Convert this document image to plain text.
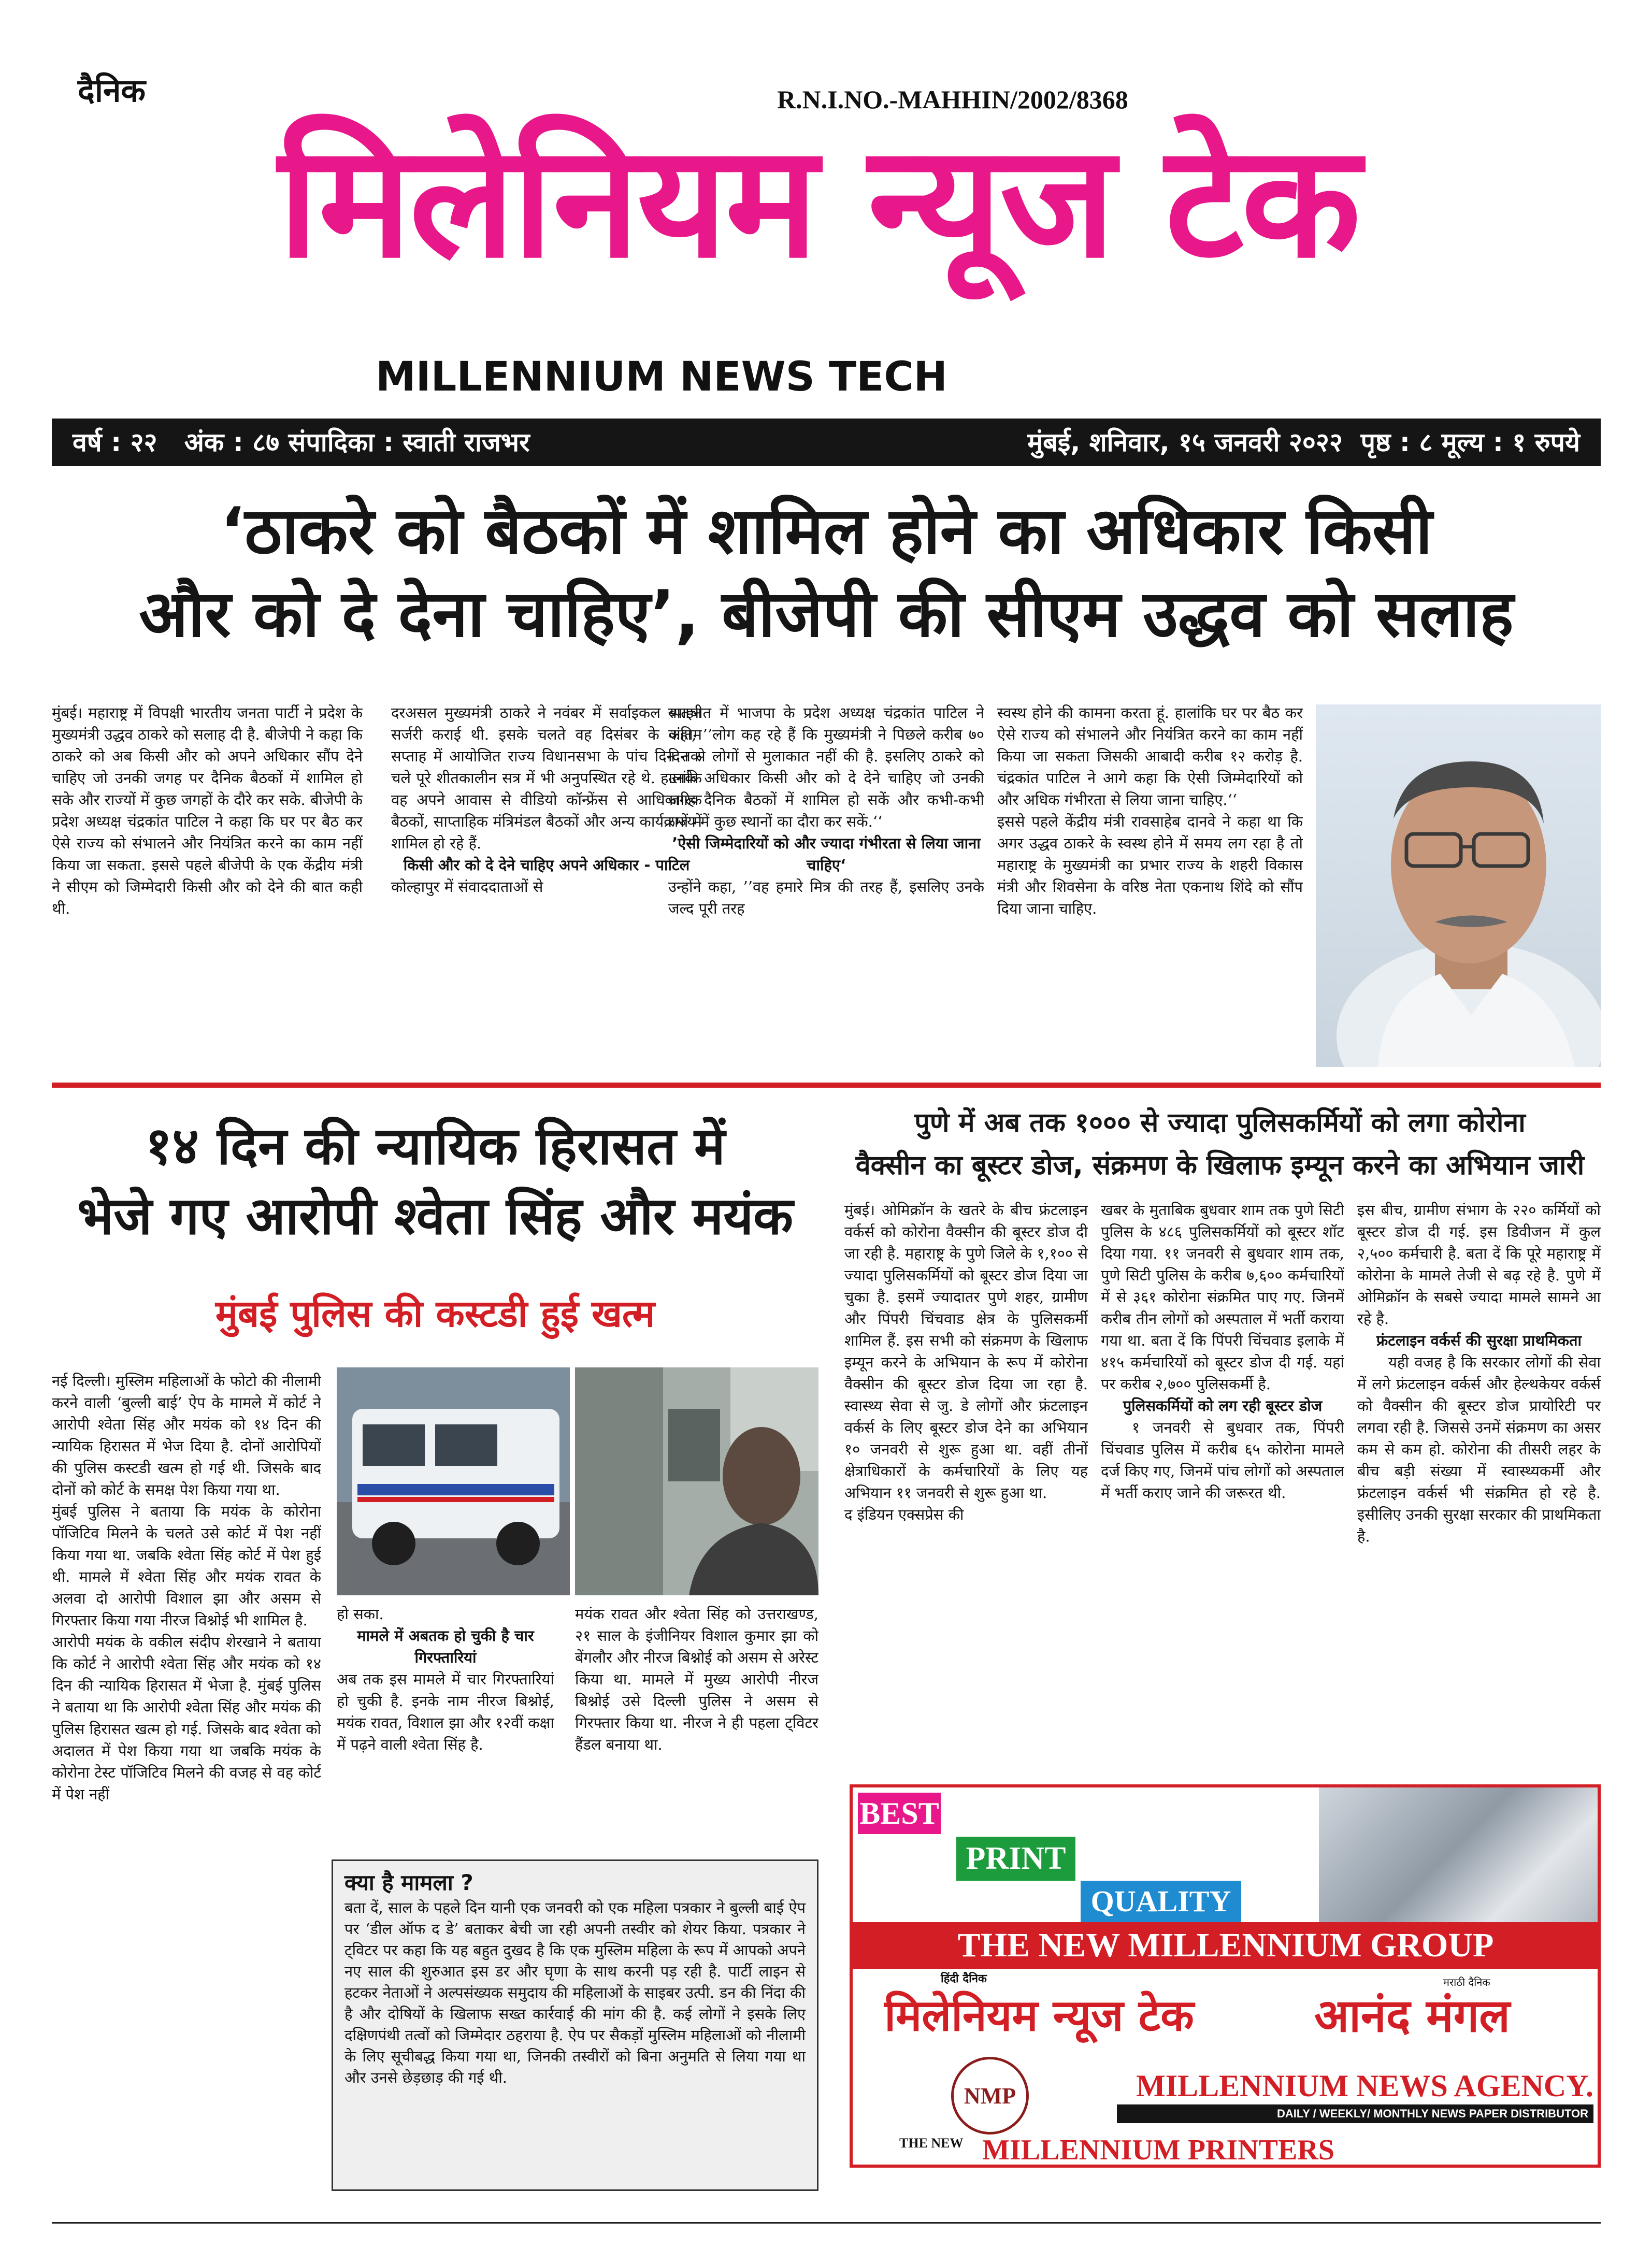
दैनिक	R.N.I.NO.-MAHHIN/2002/8368
मिलेनियम न्यूज टेक
MILLENNIUM NEWS TECH
वर्ष : २२   अंक : ८७ संपादिका : स्वाती राजभर	मुंबई, शनिवार, १५ जनवरी २०२२  पृष्ठ : ८ मूल्य : १ रुपये
‘ठाकरे को बैठकों में शामिल होने का अधिकार किसी
और को दे देना चाहिए’, बीजेपी की सीएम उद्धव को सलाह
मुंबई। महाराष्ट्र में विपक्षी भारतीय जनता पार्टी ने प्रदेश के मुख्यमंत्री उद्धव ठाकरे को सलाह दी है. बीजेपी ने कहा कि ठाकरे को अब किसी और को अपने अधिकार सौंप देने चाहिए जो उनकी जगह पर दैनिक बैठकों में शामिल हो सके और राज्यों में कुछ जगहों के दौरे कर सके. बीजेपी के प्रदेश अध्यक्ष चंद्रकांत पाटिल ने कहा कि घर पर बैठ कर ऐसे राज्य को संभालने और नियंत्रित करने का काम नहीं किया जा सकता. इससे पहले बीजेपी के एक केंद्रीय मंत्री ने सीएम को जिम्मेदारी किसी और को देने की बात कही थी.
दरअसल मुख्यमंत्री ठाकरे ने नवंबर में सर्वाइकल स्पाइन सर्जरी कराई थी. इसके चलते वह दिसंबर के अंतिम सप्ताह में आयोजित राज्य विधानसभा के पांच दिन तक चले पूरे शीतकालीन सत्र में भी अनुपस्थित रहे थे. हालांकि वह अपने आवास से वीडियो कॉन्फ्रेंस से आधिकारिक बैठकों, साप्ताहिक मंत्रिमंडल बैठकों और अन्य कार्यक्रमों में शामिल हो रहे हैं.
किसी और को दे देने चाहिए अपने अधिकार - पाटिल
कोल्हापुर में संवाददाताओं से
बातचीत में भाजपा के प्रदेश अध्यक्ष चंद्रकांत पाटिल ने कहा, ’’लोग कह रहे हैं कि मुख्यमंत्री ने पिछले करीब ७० दिन से लोगों से मुलाकात नहीं की है. इसलिए ठाकरे को उनके अधिकार किसी और को दे देने चाहिए जो उनकी जगह दैनिक बैठकों में शामिल हो सकें और कभी-कभी राज्य में कुछ स्थानों का दौरा कर सकें.‘‘
’ऐसी जिम्मेदारियों को और ज्यादा गंभीरता से लिया जाना चाहिए‘
उन्होंने कहा, ’’वह हमारे मित्र की तरह हैं, इसलिए उनके जल्द पूरी तरह
स्वस्थ होने की कामना करता हूं. हालांकि घर पर बैठ कर ऐसे राज्य को संभालने और नियंत्रित करने का काम नहीं किया जा सकता जिसकी आबादी करीब १२ करोड़ है. चंद्रकांत पाटिल ने आगे कहा कि ऐसी जिम्मेदारियों को और अधिक गंभीरता से लिया जाना चाहिए.‘‘
इससे पहले केंद्रीय मंत्री रावसाहेब दानवे ने कहा था कि अगर उद्धव ठाकरे के स्वस्थ होने में समय लग रहा है तो महाराष्ट्र के मुख्यमंत्री का प्रभार राज्य के शहरी विकास मंत्री और शिवसेना के वरिष्ठ नेता एकनाथ शिंदे को सौंप दिया जाना चाहिए.
१४ दिन की न्यायिक हिरासत में
भेजे गए आरोपी श्वेता सिंह और मयंक
मुंबई पुलिस की कस्टडी हुई खत्म
नई दिल्ली। मुस्लिम महिलाओं के फोटो की नीलामी करने वाली ‘बुल्ली बाई’ ऐप के मामले में कोर्ट ने आरोपी श्वेता सिंह और मयंक को १४ दिन की न्यायिक हिरासत में भेज दिया है. दोनों आरोपियों की पुलिस कस्टडी खत्म हो गई थी. जिसके बाद दोनों को कोर्ट के समक्ष पेश किया गया था.
मुंबई पुलिस ने बताया कि मयंक के कोरोना पॉजिटिव मिलने के चलते उसे कोर्ट में पेश नहीं किया गया था. जबकि श्वेता सिंह कोर्ट में पेश हुई थी. मामले में श्वेता सिंह और मयंक रावत के अलवा दो आरोपी विशाल झा और असम से गिरफ्तार किया गया नीरज विश्नोई भी शामिल है.
आरोपी मयंक के वकील संदीप शेरखाने ने बताया कि कोर्ट ने आरोपी श्वेता सिंह और मयंक को १४ दिन की न्यायिक हिरासत में भेजा है. मुंबई पुलिस ने बताया था कि आरोपी श्वेता सिंह और मयंक की पुलिस हिरासत खत्म हो गई. जिसके बाद श्वेता को अदालत में पेश किया गया था जबकि मयंक के कोरोना टेस्ट पॉजिटिव मिलने की वजह से वह कोर्ट में पेश नहीं
हो सका.
मामले में अबतक हो चुकी है चार गिरफ्तारियां
अब तक इस मामले में चार गिरफ्तारियां हो चुकी है. इनके नाम नीरज बिश्नोई, मयंक रावत, विशाल झा और १२वीं कक्षा में पढ़ने वाली श्वेता सिंह है.
मयंक रावत और श्वेता सिंह को उत्तराखण्ड, २१ साल के इंजीनियर विशाल कुमार झा को बेंगलौर और नीरज बिश्नोई को असम से अरेस्ट किया था. मामले में मुख्य आरोपी नीरज बिश्नोई उसे दिल्ली पुलिस ने असम से गिरफ्तार किया था. नीरज ने ही पहला ट्विटर हैंडल बनाया था.
क्या है मामला ?
बता दें, साल के पहले दिन यानी एक जनवरी को एक महिला पत्रकार ने बुल्ली बाई ऐप पर ‘डील ऑफ द डे’ बताकर बेची जा रही अपनी तस्वीर को शेयर किया. पत्रकार ने ट्विटर पर कहा कि यह बहुत दुखद है कि एक मुस्लिम महिला के रूप में आपको अपने नए साल की शुरुआत इस डर और घृणा के साथ करनी पड़ रही है. पार्टी लाइन से हटकर नेताओं ने अल्पसंख्यक समुदाय की महिलाओं के साइबर उत्पी. डन की निंदा की है और दोषियों के खिलाफ सख्त कार्रवाई की मांग की है. कई लोगों ने इसके लिए दक्षिणपंथी तत्वों को जिम्मेदार ठहराया है. ऐप पर सैकड़ों मुस्लिम महिलाओं को नीलामी के लिए सूचीबद्ध किया गया था, जिनकी तस्वीरों को बिना अनुमति से लिया गया था और उनसे छेड़छाड़ की गई थी.
पुणे में अब तक १००० से ज्यादा पुलिसकर्मियों को लगा कोरोना
वैक्सीन का बूस्टर डोज, संक्रमण के खिलाफ इम्यून करने का अभियान जारी
मुंबई। ओमिक्रॉन के खतरे के बीच फ्रंटलाइन वर्कर्स को कोरोना वैक्सीन की बूस्टर डोज दी जा रही है. महाराष्ट्र के पुणे जिले के १,१०० से ज्यादा पुलिसकर्मियों को बूस्टर डोज दिया जा चुका है. इसमें ज्यादातर पुणे शहर, ग्रामीण और पिंपरी चिंचवाड क्षेत्र के पुलिसकर्मी शामिल हैं. इस सभी को संक्रमण के खिलाफ इम्यून करने के अभियान के रूप में कोरोना वैक्सीन की बूस्टर डोज दिया जा रहा है. स्वास्थ्य सेवा से जु. डे लोगों और फ्रंटलाइन वर्कर्स के लिए बूस्टर डोज देने का अभियान १० जनवरी से शुरू हुआ था. वहीं तीनों क्षेत्राधिकारों के कर्मचारियों के लिए यह अभियान ११ जनवरी से शुरू हुआ था.
द इंडियन एक्सप्रेस की
खबर के मुताबिक बुधवार शाम तक पुणे सिटी पुलिस के ४८६ पुलिसकर्मियों को बूस्टर शॉट दिया गया. ११ जनवरी से बुधवार शाम तक, पुणे सिटी पुलिस के करीब ७,६०० कर्मचारियों में से ३६१ कोरोना संक्रमित पाए गए. जिनमें करीब तीन लोगों को अस्पताल में भर्ती कराया गया था. बता दें कि पिंपरी चिंचवाड इलाके में ४१५ कर्मचारियों को बूस्टर डोज दी गई. यहां पर करीब २,७०० पुलिसकर्मी है.
पुलिसकर्मियों को लग रही बूस्टर डोज
१ जनवरी से बुधवार तक, पिंपरी चिंचवाड पुलिस में करीब ६५ कोरोना मामले दर्ज किए गए, जिनमें पांच लोगों को अस्पताल में भर्ती कराए जाने की जरूरत थी.
इस बीच, ग्रामीण संभाग के २२० कर्मियों को बूस्टर डोज दी गई. इस डिवीजन में कुल २,५०० कर्मचारी है. बता दें कि पूरे महाराष्ट्र में कोरोना के मामले तेजी से बढ़ रहे है. पुणे में ओमिक्रॉन के सबसे ज्यादा मामले सामने आ रहे है.
फ्रंटलाइन वर्कर्स की सुरक्षा प्राथमिकता
यही वजह है कि सरकार लोगों की सेवा में लगे फ्रंटलाइन वर्कर्स और हेल्थकेयर वर्कर्स को वैक्सीन की बूस्टर डोज प्रायोरिटी पर लगवा रही है. जिससे उनमें संक्रमण का असर कम से कम हो. कोरोना की तीसरी लहर के बीच बड़ी संख्या में स्वास्थ्यकर्मी और फ्रंटलाइन वर्कर्स भी संक्रमित हो रहे है. इसीलिए उनकी सुरक्षा सरकार की प्राथमिकता है.
BEST
PRINT
QUALITY
THE NEW MILLENNIUM GROUP
हिंदी दैनिक	मराठी दैनिक
मिलेनियम न्यूज टेक	आनंद मंगल
NMP	MILLENNIUM NEWS AGENCY.
DAILY / WEEKLY/ MONTHLY NEWS PAPER DISTRIBUTOR
THE NEW MILLENNIUM PRINTERS
